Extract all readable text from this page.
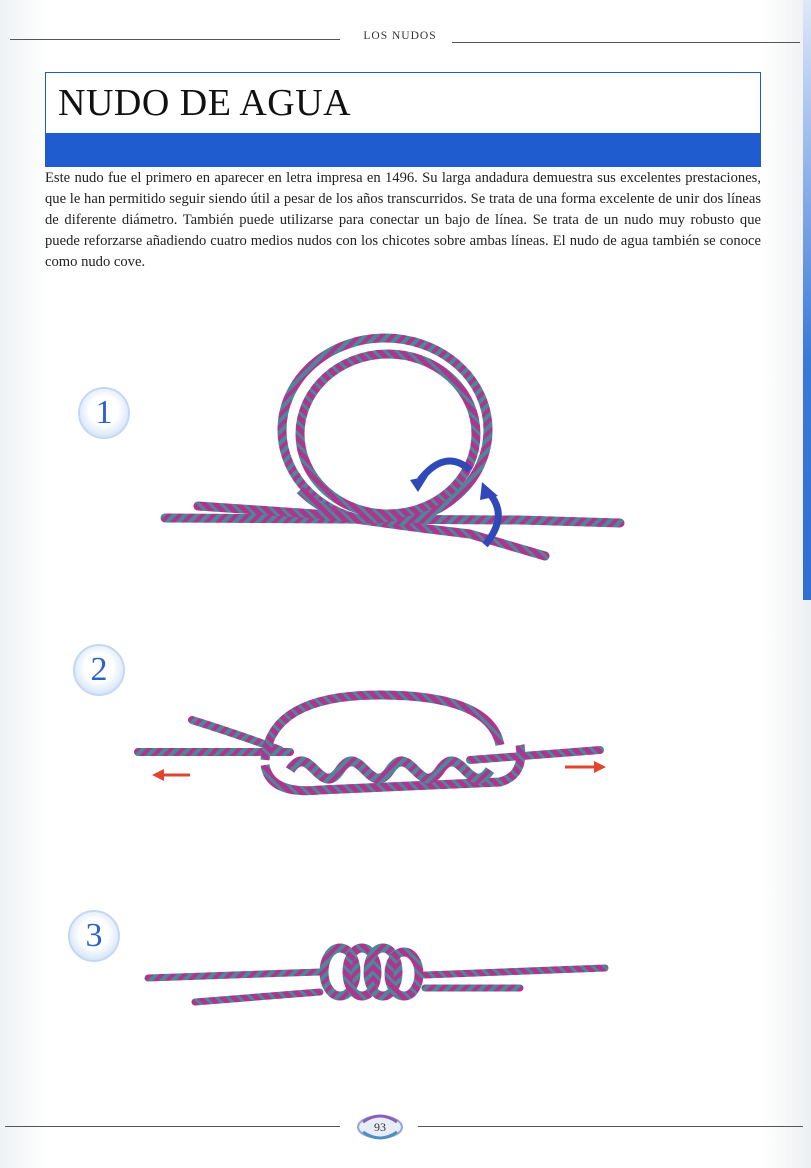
LOS NUDOS
NUDO DE AGUA
Este nudo fue el primero en aparecer en letra impresa en 1496. Su larga andadura demuestra sus excelentes prestaciones, que le han permitido seguir siendo útil a pesar de los años transcurridos. Se trata de una forma excelente de unir dos líneas de diferente diámetro. También puede utilizarse para conectar un bajo de línea. Se trata de un nudo muy robusto que puede reforzarse añadiendo cuatro medios nudos con los chicotes sobre ambas líneas. El nudo de agua también se conoce como nudo cove.
1
2
3
93
